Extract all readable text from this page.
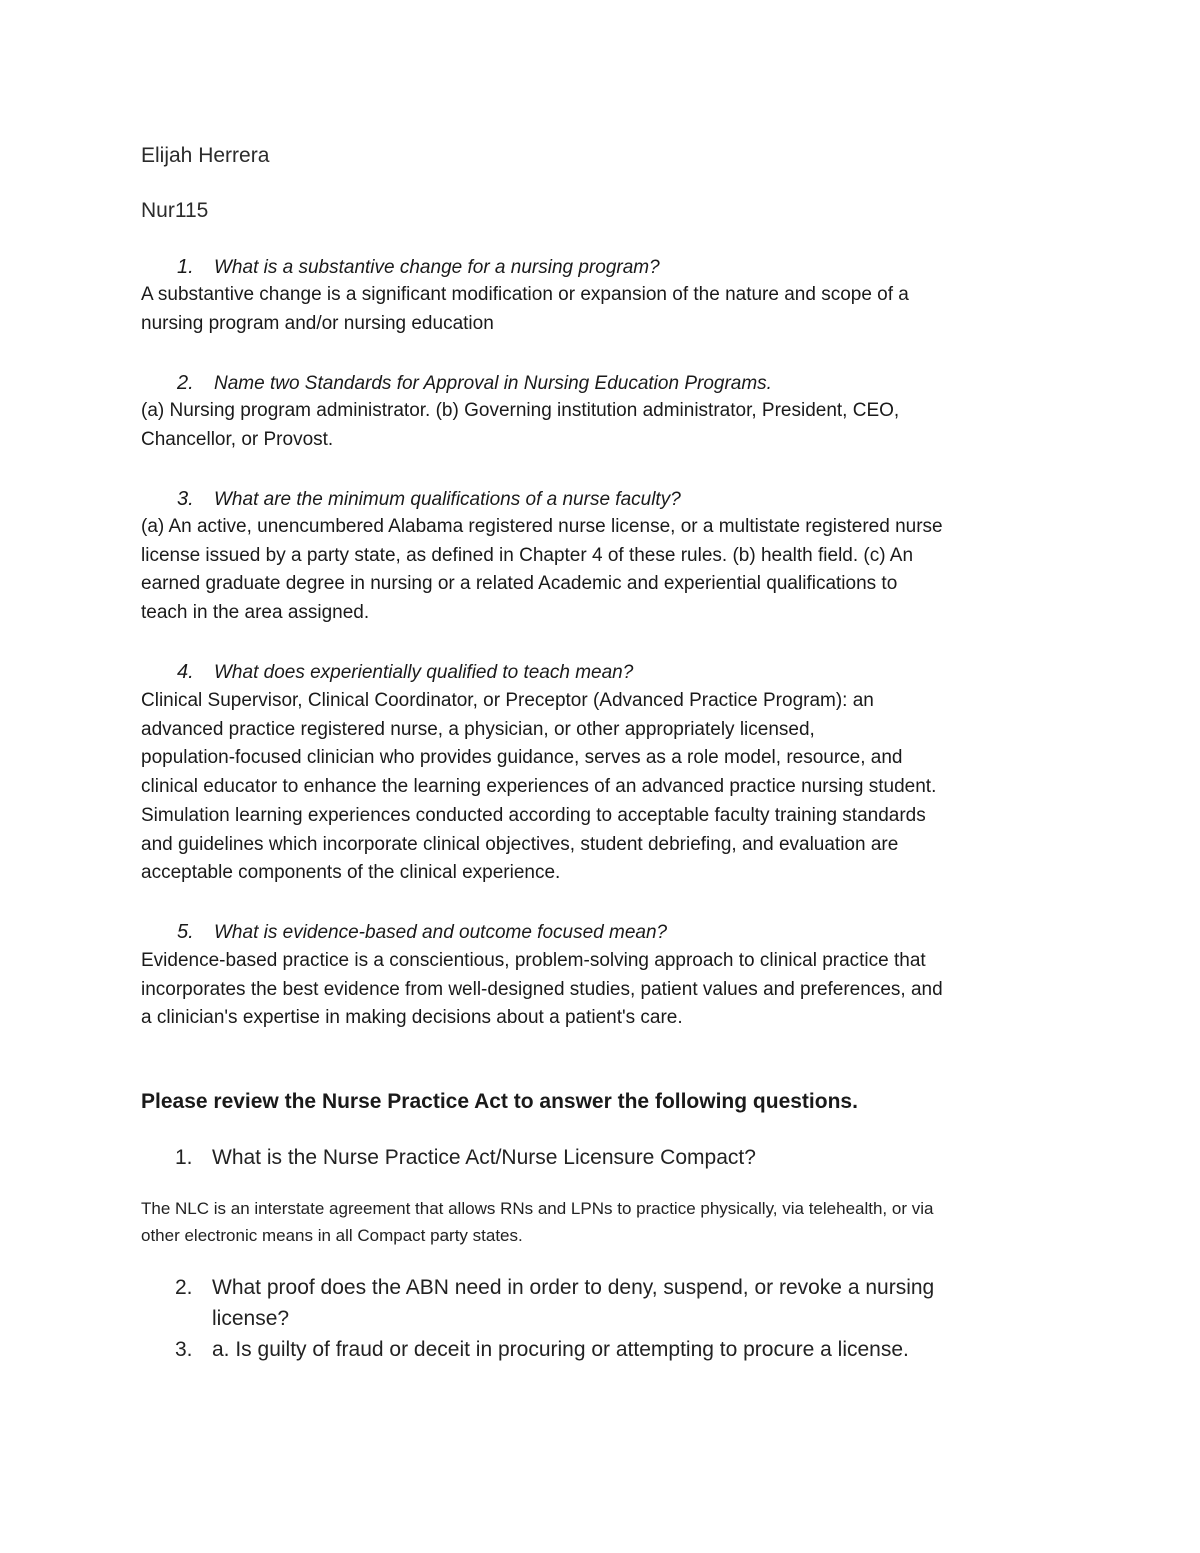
Elijah Herrera
Nur115
1. What is a substantive change for a nursing program?
A substantive change is a significant modification or expansion of the nature and scope of a
nursing program and/or nursing education
2. Name two Standards for Approval in Nursing Education Programs.
(a) Nursing program administrator. (b) Governing institution administrator, President, CEO,
Chancellor, or Provost.
3. What are the minimum qualifications of a nurse faculty?
(a) An active, unencumbered Alabama registered nurse license, or a multistate registered nurse
license issued by a party state, as defined in Chapter 4 of these rules. (b) health field. (c) An
earned graduate degree in nursing or a related Academic and experiential qualifications to
teach in the area assigned.
4. What does experientially qualified to teach mean?
Clinical Supervisor, Clinical Coordinator, or Preceptor (Advanced Practice Program): an
advanced practice registered nurse, a physician, or other appropriately licensed,
population-focused clinician who provides guidance, serves as a role model, resource, and
clinical educator to enhance the learning experiences of an advanced practice nursing student.
Simulation learning experiences conducted according to acceptable faculty training standards
and guidelines which incorporate clinical objectives, student debriefing, and evaluation are
acceptable components of the clinical experience.
5. What is evidence-based and outcome focused mean?
Evidence-based practice is a conscientious, problem-solving approach to clinical practice that
incorporates the best evidence from well-designed studies, patient values and preferences, and
a clinician's expertise in making decisions about a patient's care.
Please review the Nurse Practice Act to answer the following questions.
1. What is the Nurse Practice Act/Nurse Licensure Compact?
The NLC is an interstate agreement that allows RNs and LPNs to practice physically, via telehealth, or via
other electronic means in all Compact party states.
2. What proof does the ABN need in order to deny, suspend, or revoke a nursing
license?
3. a. Is guilty of fraud or deceit in procuring or attempting to procure a license.
